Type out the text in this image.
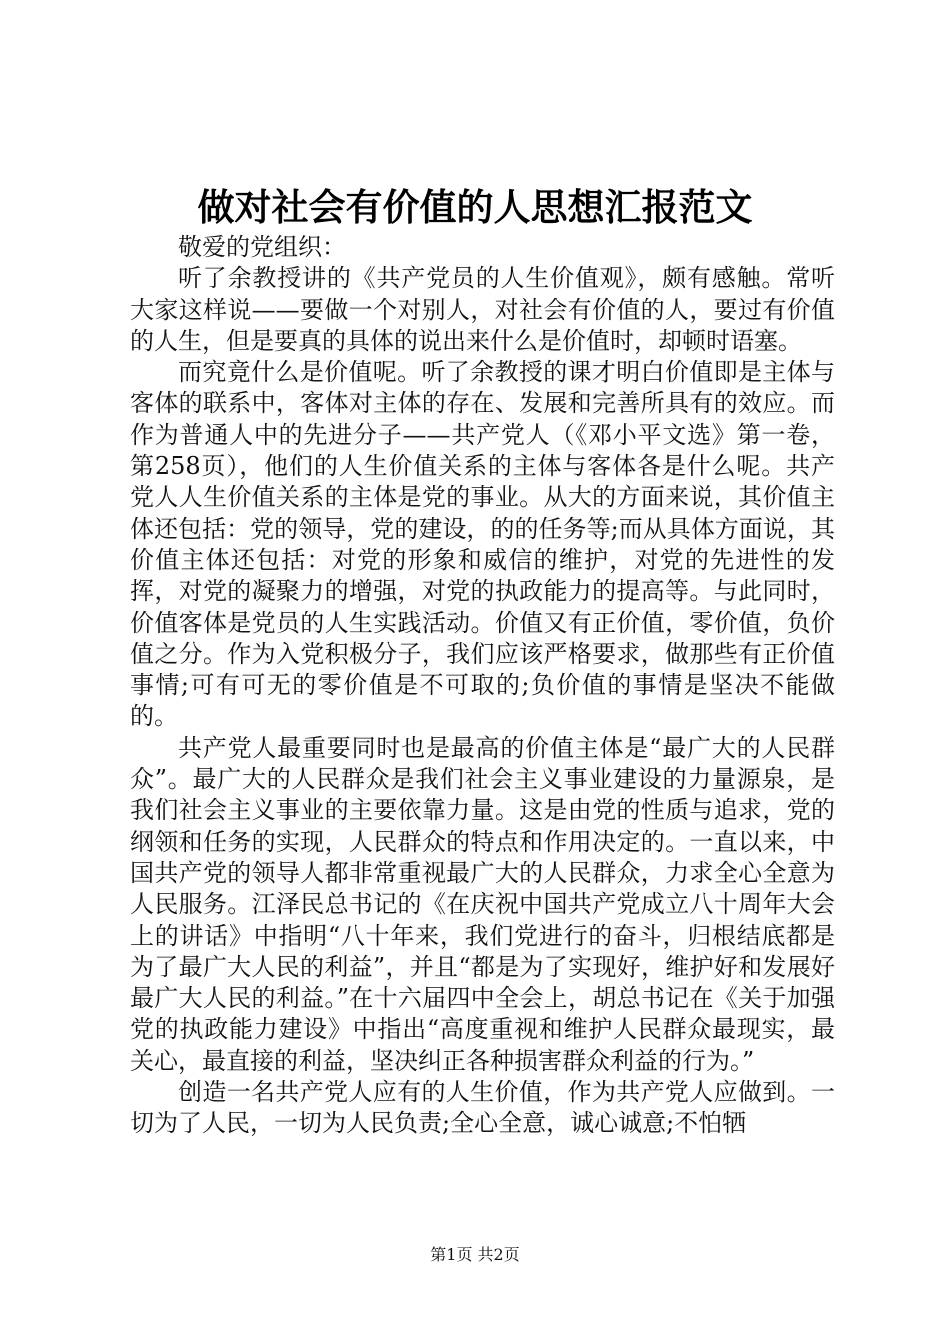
做对社会有价值的人思想汇报范文

敬爱的党组织：

听了余教授讲的《共产党员的人生价值观》，颇有感触。常听大家这样说——要做一个对别人，对社会有价值的人，要过有价值的人生，但是要真的具体的说出来什么是价值时，却顿时语塞。

而究竟什么是价值呢。听了余教授的课才明白价值即是主体与客体的联系中，客体对主体的存在、发展和完善所具有的效应。而作为普通人中的先进分子——共产党人（《邓小平文选》第一卷，第258页），他们的人生价值关系的主体与客体各是什么呢。共产党人人生价值关系的主体是党的事业。从大的方面来说，其价值主体还包括：党的领导，党的建设，的的任务等;而从具体方面说，其价值主体还包括：对党的形象和威信的维护，对党的先进性的发挥，对党的凝聚力的增强，对党的执政能力的提高等。与此同时，价值客体是党员的人生实践活动。价值又有正价值，零价值，负价值之分。作为入党积极分子，我们应该严格要求，做那些有正价值事情;可有可无的零价值是不可取的;负价值的事情是坚决不能做的。

共产党人最重要同时也是最高的价值主体是“最广大的人民群众”。最广大的人民群众是我们社会主义事业建设的力量源泉，是我们社会主义事业的主要依靠力量。这是由党的性质与追求，党的纲领和任务的实现，人民群众的特点和作用决定的。一直以来，中国共产党的领导人都非常重视最广大的人民群众，力求全心全意为人民服务。江泽民总书记的《在庆祝中国共产党成立八十周年大会上的讲话》中指明“八十年来，我们党进行的奋斗，归根结底都是为了最广大人民的利益”，并且“都是为了实现好，维护好和发展好最广大人民的利益。”在十六届四中全会上，胡总书记在《关于加强党的执政能力建设》中指出“高度重视和维护人民群众最现实，最关心，最直接的利益，坚决纠正各种损害群众利益的行为。”

创造一名共产党人应有的人生价值，作为共产党人应做到。一切为了人民，一切为人民负责;全心全意，诚心诚意;不怕牺

第1页 共2页
